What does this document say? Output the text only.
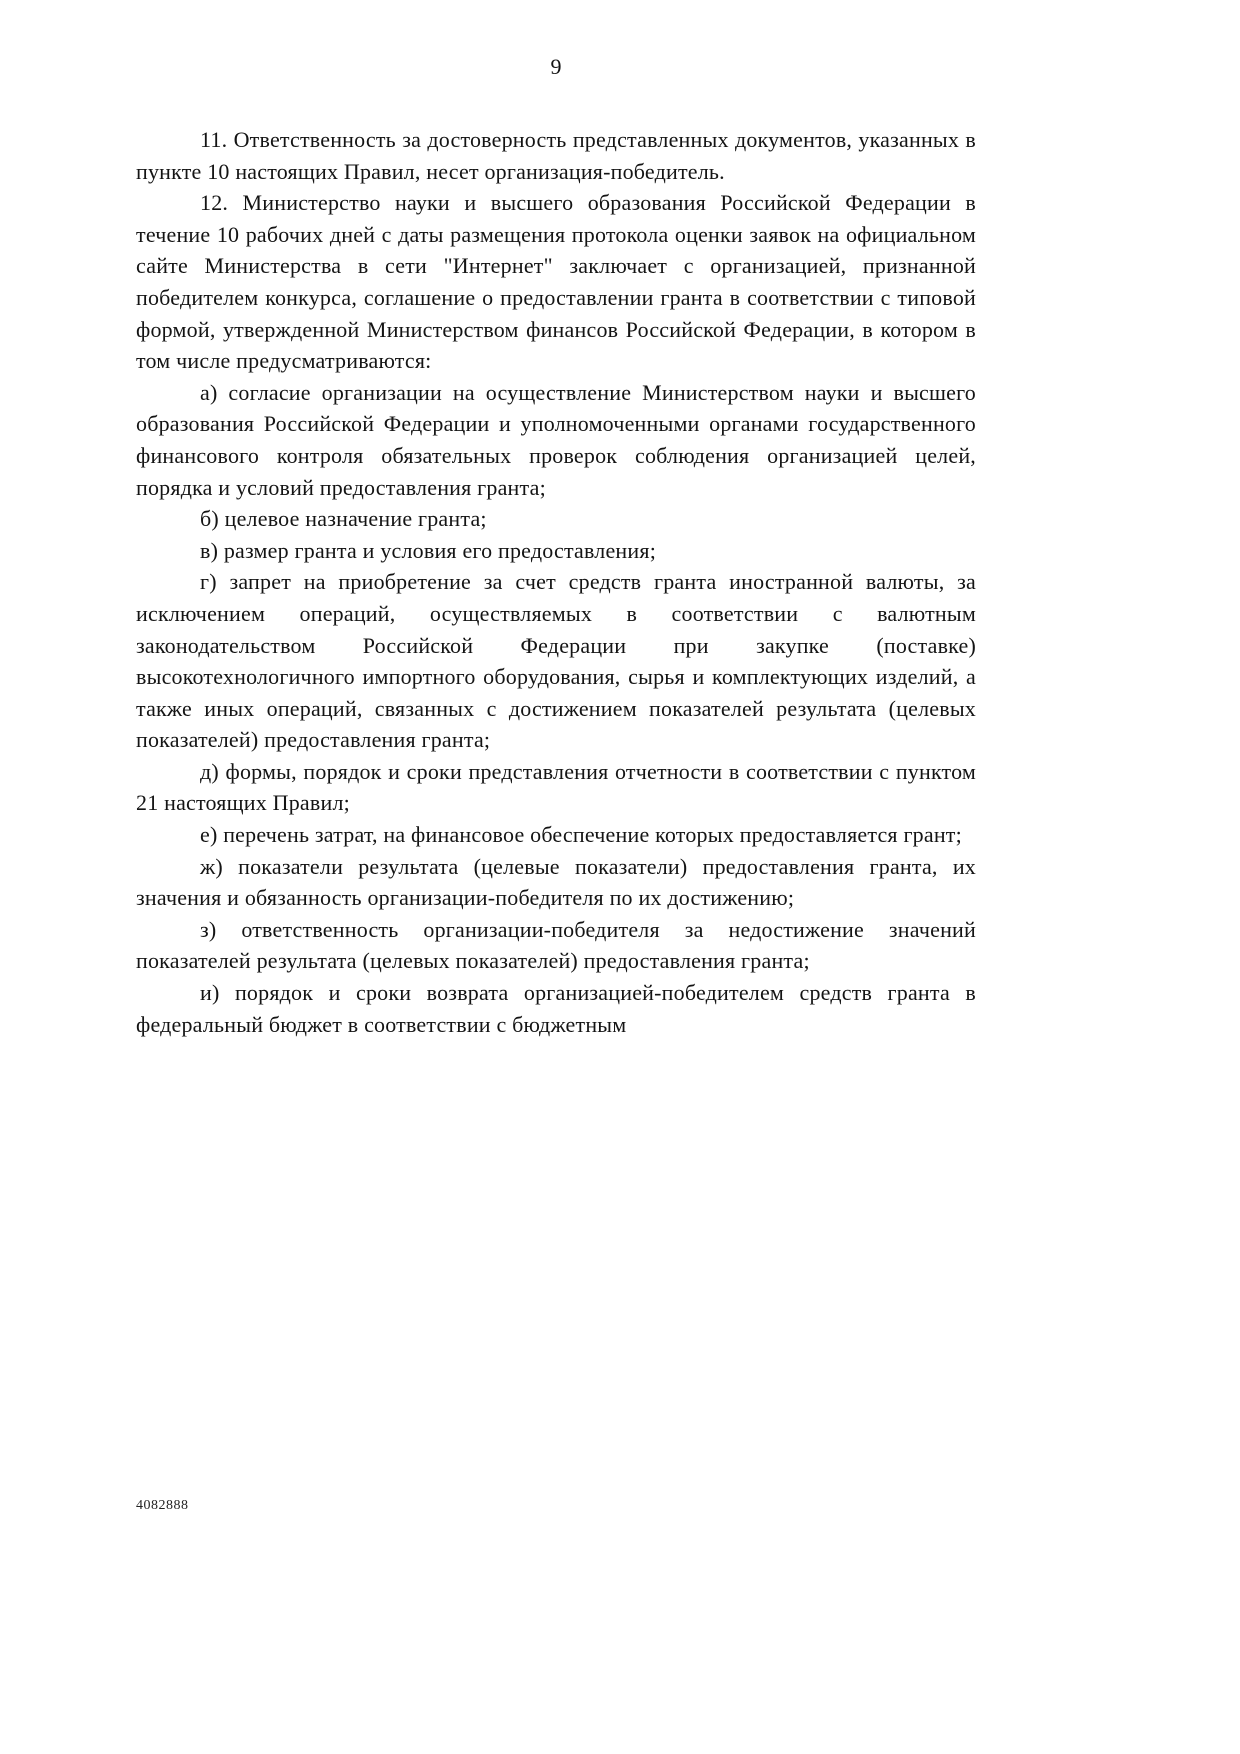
9

11. Ответственность за достоверность представленных документов, указанных в пункте 10 настоящих Правил, несет организация-победитель.

12. Министерство науки и высшего образования Российской Федерации в течение 10 рабочих дней с даты размещения протокола оценки заявок на официальном сайте Министерства в сети "Интернет" заключает с организацией, признанной победителем конкурса, соглашение о предоставлении гранта в соответствии с типовой формой, утвержденной Министерством финансов Российской Федерации, в котором в том числе предусматриваются:

а) согласие организации на осуществление Министерством науки и высшего образования Российской Федерации и уполномоченными органами государственного финансового контроля обязательных проверок соблюдения организацией целей, порядка и условий предоставления гранта;

б) целевое назначение гранта;

в) размер гранта и условия его предоставления;

г) запрет на приобретение за счет средств гранта иностранной валюты, за исключением операций, осуществляемых в соответствии с валютным законодательством Российской Федерации при закупке (поставке) высокотехнологичного импортного оборудования, сырья и комплектующих изделий, а также иных операций, связанных с достижением показателей результата (целевых показателей) предоставления гранта;

д) формы, порядок и сроки представления отчетности в соответствии с пунктом 21 настоящих Правил;

е) перечень затрат, на финансовое обеспечение которых предоставляется грант;

ж) показатели результата (целевые показатели) предоставления гранта, их значения и обязанность организации-победителя по их достижению;

з) ответственность организации-победителя за недостижение значений показателей результата (целевых показателей) предоставления гранта;

и) порядок и сроки возврата организацией-победителем средств гранта в федеральный бюджет в соответствии с бюджетным

4082888
